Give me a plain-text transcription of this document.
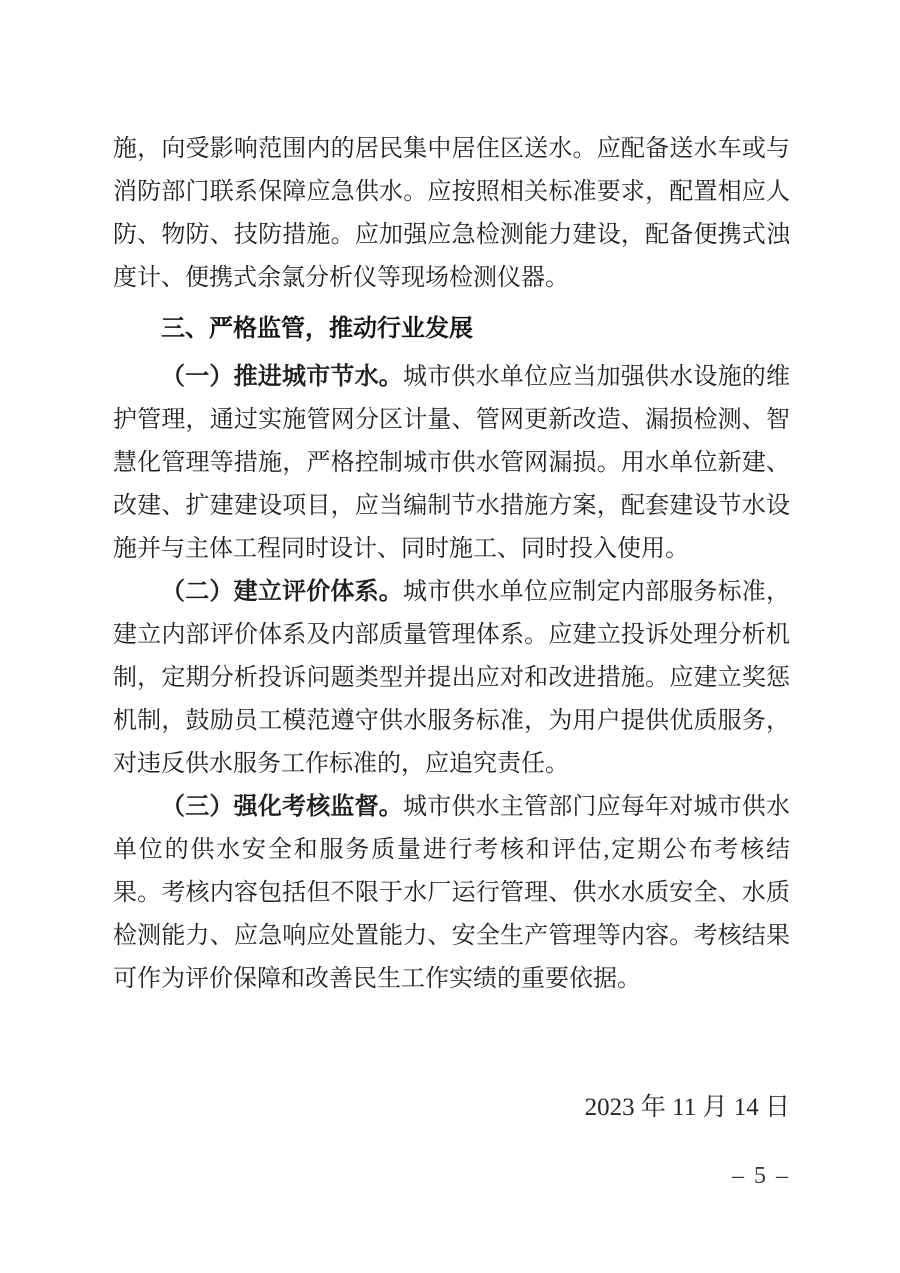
施，向受影响范围内的居民集中居住区送水。应配备送水车或与消防部门联系保障应急供水。应按照相关标准要求，配置相应人防、物防、技防措施。应加强应急检测能力建设，配备便携式浊度计、便携式余氯分析仪等现场检测仪器。

三、严格监管，推动行业发展

（一）推进城市节水。城市供水单位应当加强供水设施的维护管理，通过实施管网分区计量、管网更新改造、漏损检测、智慧化管理等措施，严格控制城市供水管网漏损。用水单位新建、改建、扩建建设项目，应当编制节水措施方案，配套建设节水设施并与主体工程同时设计、同时施工、同时投入使用。

（二）建立评价体系。城市供水单位应制定内部服务标准，建立内部评价体系及内部质量管理体系。应建立投诉处理分析机制，定期分析投诉问题类型并提出应对和改进措施。应建立奖惩机制，鼓励员工模范遵守供水服务标准，为用户提供优质服务，对违反供水服务工作标准的，应追究责任。

（三）强化考核监督。城市供水主管部门应每年对城市供水单位的供水安全和服务质量进行考核和评估,定期公布考核结果。考核内容包括但不限于水厂运行管理、供水水质安全、水质检测能力、应急响应处置能力、安全生产管理等内容。考核结果可作为评价保障和改善民生工作实绩的重要依据。

2023 年 11 月 14 日
– 5 –
